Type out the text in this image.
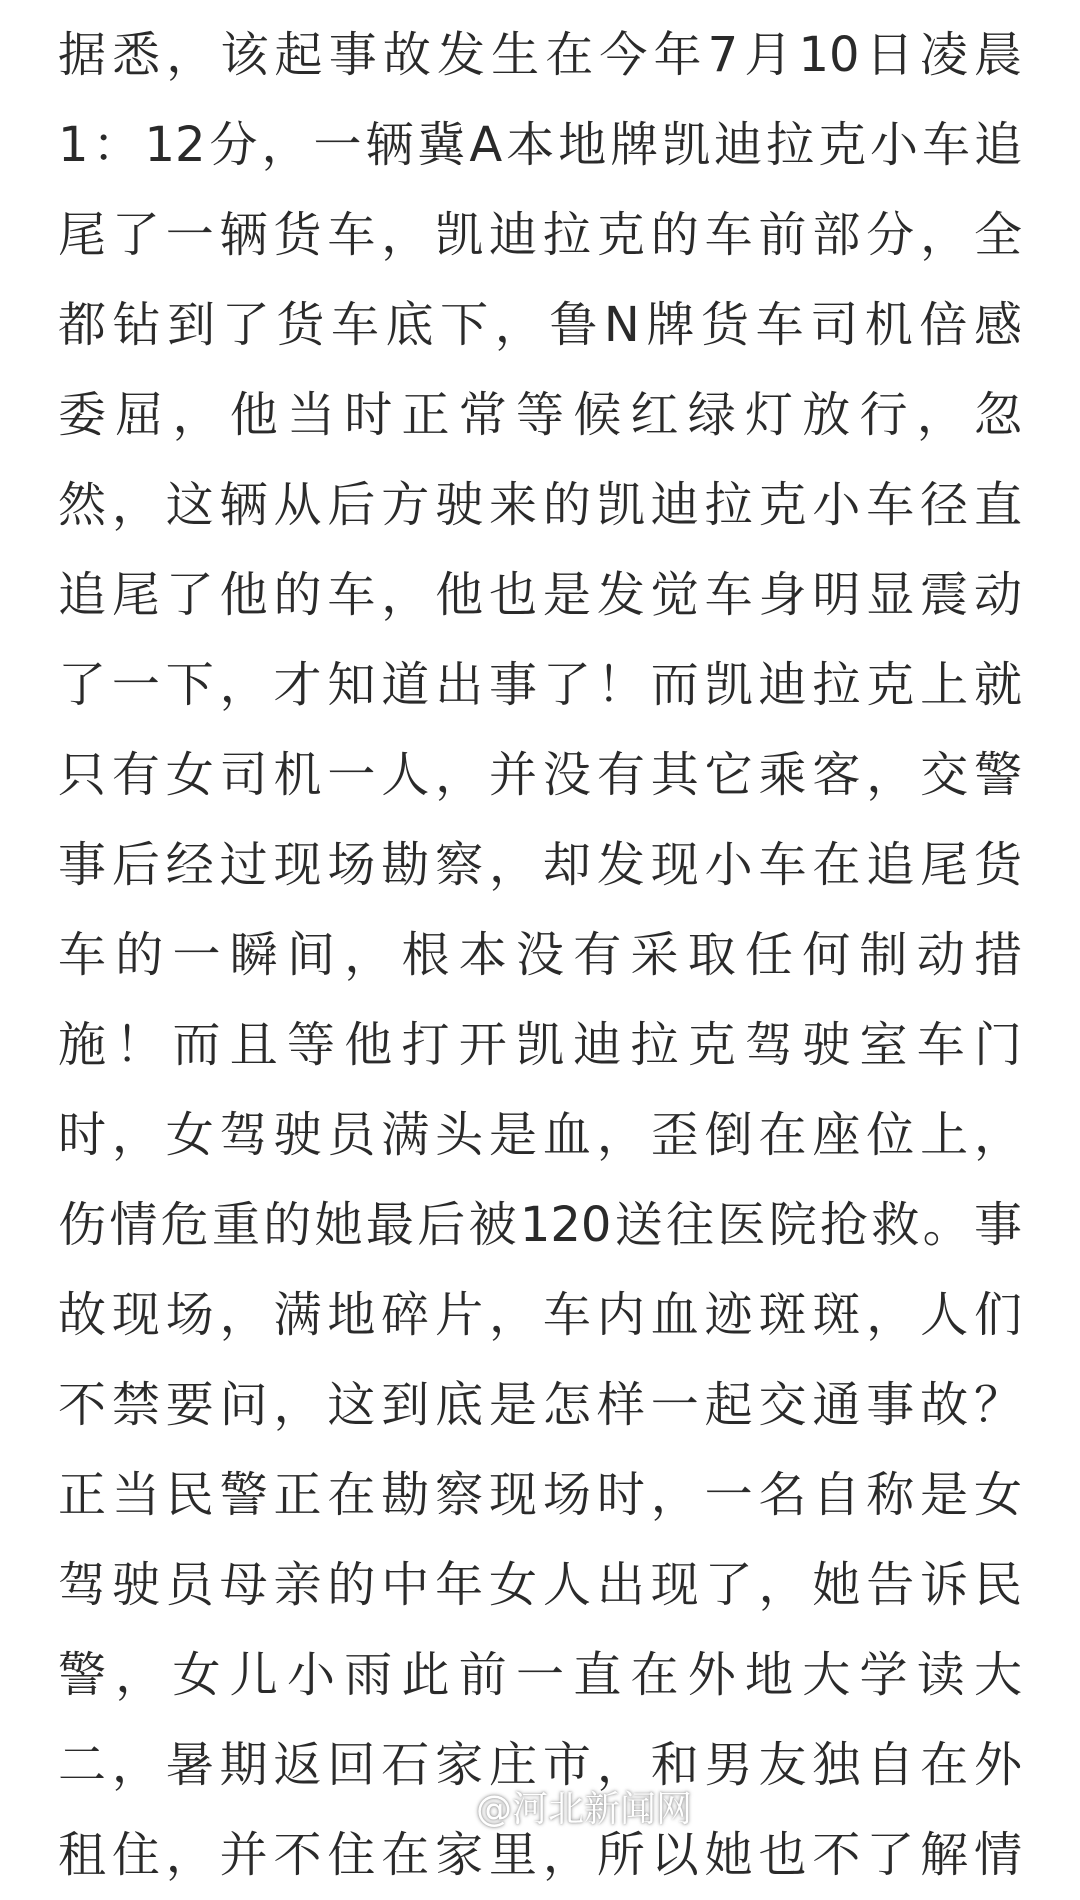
据悉，该起事故发生在今年7月10日凌晨
1：12分，一辆冀A本地牌凯迪拉克小车追
尾了一辆货车，凯迪拉克的车前部分，全
都钻到了货车底下，鲁N牌货车司机倍感
委屈，他当时正常等候红绿灯放行，忽
然，这辆从后方驶来的凯迪拉克小车径直
追尾了他的车，他也是发觉车身明显震动
了一下，才知道出事了！而凯迪拉克上就
只有女司机一人，并没有其它乘客，交警
事后经过现场勘察，却发现小车在追尾货
车的一瞬间，根本没有采取任何制动措
施！而且等他打开凯迪拉克驾驶室车门
时，女驾驶员满头是血，歪倒在座位上，
伤情危重的她最后被120送往医院抢救。事
故现场，满地碎片，车内血迹斑斑，人们
不禁要问，这到底是怎样一起交通事故？
正当民警正在勘察现场时，一名自称是女
驾驶员母亲的中年女人出现了，她告诉民
警，女儿小雨此前一直在外地大学读大
二，暑期返回石家庄市，和男友独自在外
租住，并不住在家里，所以她也不了解情
@河北新闻网
